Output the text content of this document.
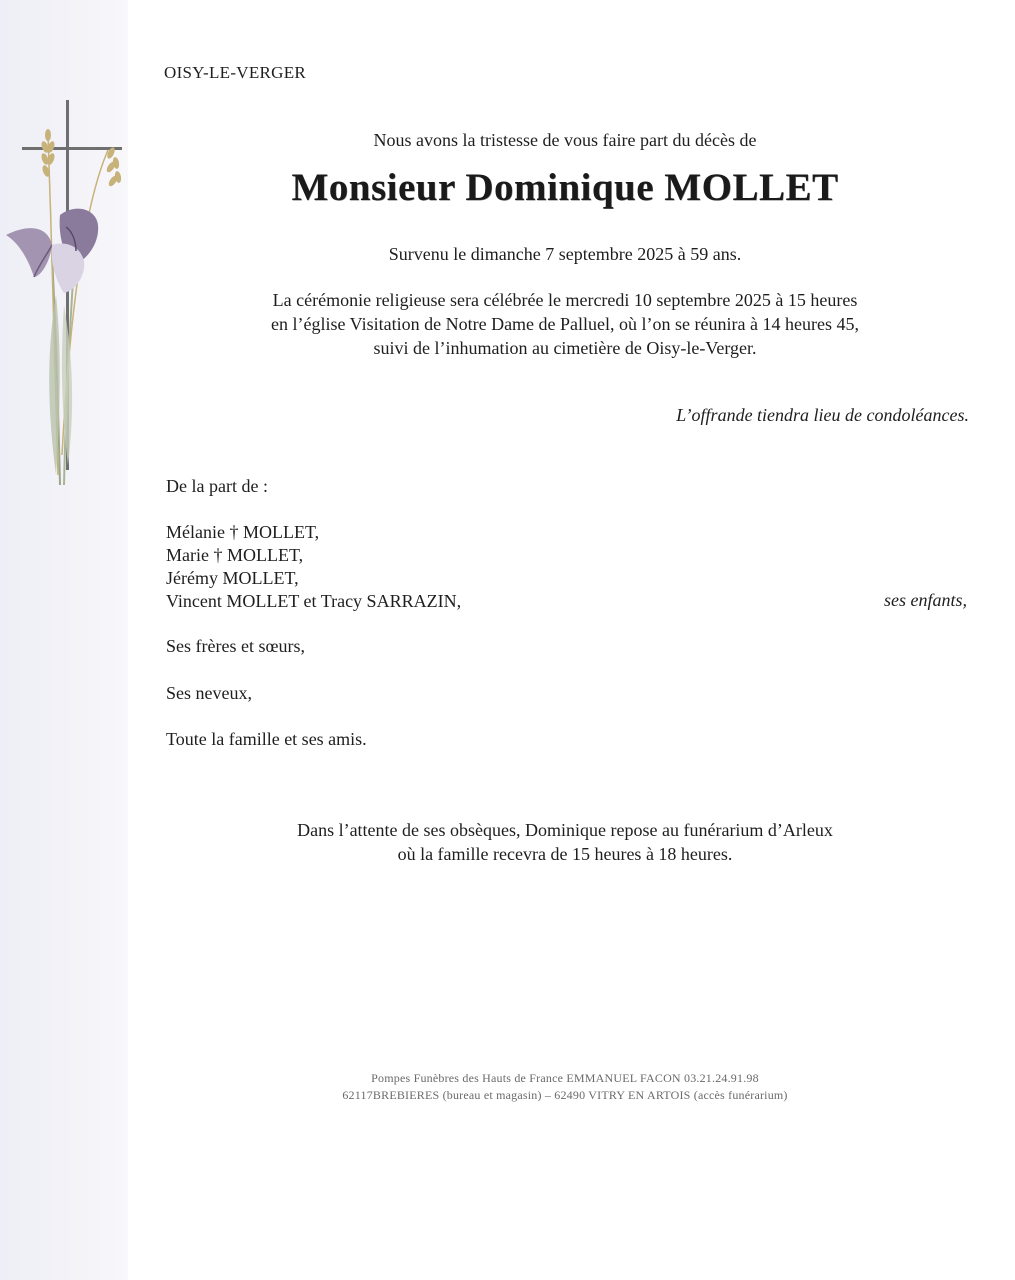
OISY-LE-VERGER
Nous avons la tristesse de vous faire part du décès de
Monsieur Dominique MOLLET
Survenu le dimanche 7 septembre 2025 à 59 ans.
La cérémonie religieuse sera célébrée le mercredi 10 septembre 2025 à 15 heures
en l’église Visitation de Notre Dame de Palluel, où l’on se réunira à 14 heures 45,
suivi de l’inhumation au cimetière de Oisy-le-Verger.
L’offrande tiendra lieu de condoléances.
De la part de :
Mélanie † MOLLET,
Marie † MOLLET,
Jérémy MOLLET,
Vincent MOLLET et Tracy SARRAZIN,	ses enfants,
Ses frères et sœurs,
Ses neveux,
Toute la famille et ses amis.
Dans l’attente de ses obsèques, Dominique repose au funérarium d’Arleux
où la famille recevra de 15 heures à 18 heures.
Pompes Funèbres des Hauts de France EMMANUEL FACON 03.21.24.91.98
62117BREBIERES (bureau et magasin) – 62490 VITRY EN ARTOIS (accès funérarium)
